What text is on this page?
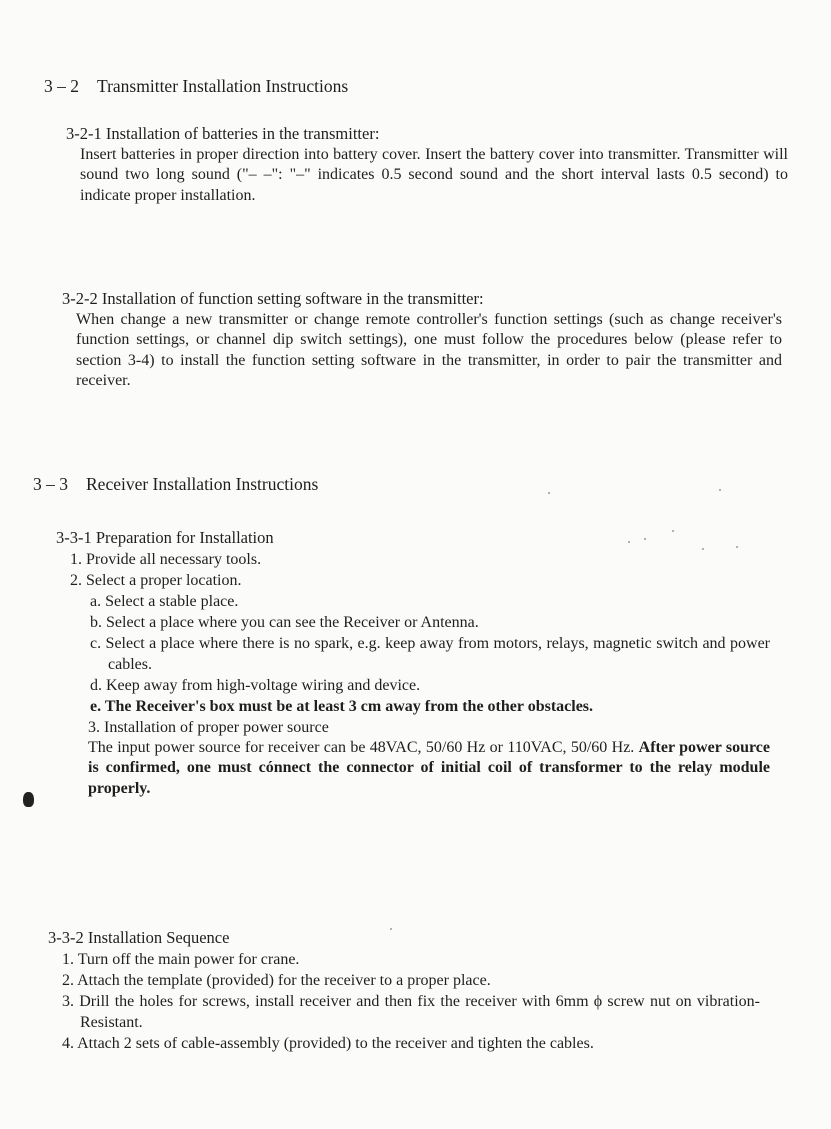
3 – 2 Transmitter Installation Instructions
3-2-1 Installation of batteries in the transmitter:
Insert batteries in proper direction into battery cover. Insert the battery cover into transmitter. Transmitter will sound two long sound ("– –": "–" indicates 0.5 second sound and the short interval lasts 0.5 second) to indicate proper installation.
3-2-2 Installation of function setting software in the transmitter:
When change a new transmitter or change remote controller's function settings (such as change receiver's function settings, or channel dip switch settings), one must follow the procedures below (please refer to section 3-4) to install the function setting software in the transmitter, in order to pair the transmitter and receiver.
3 – 3 Receiver Installation Instructions
3-3-1 Preparation for Installation
1. Provide all necessary tools.
2. Select a proper location.
a. Select a stable place.
b. Select a place where you can see the Receiver or Antenna.
c. Select a place where there is no spark, e.g. keep away from motors, relays, magnetic switch and power cables.
d. Keep away from high-voltage wiring and device.
e. The Receiver's box must be at least 3 cm away from the other obstacles.
3. Installation of proper power source
The input power source for receiver can be 48VAC, 50/60 Hz or 110VAC, 50/60 Hz. After power source is confirmed, one must cónnect the connector of initial coil of transformer to the relay module properly.
3-3-2 Installation Sequence
1. Turn off the main power for crane.
2. Attach the template (provided) for the receiver to a proper place.
3. Drill the holes for screws, install receiver and then fix the receiver with 6mm ϕ screw nut on vibration- Resistant.
4. Attach 2 sets of cable-assembly (provided) to the receiver and tighten the cables.
